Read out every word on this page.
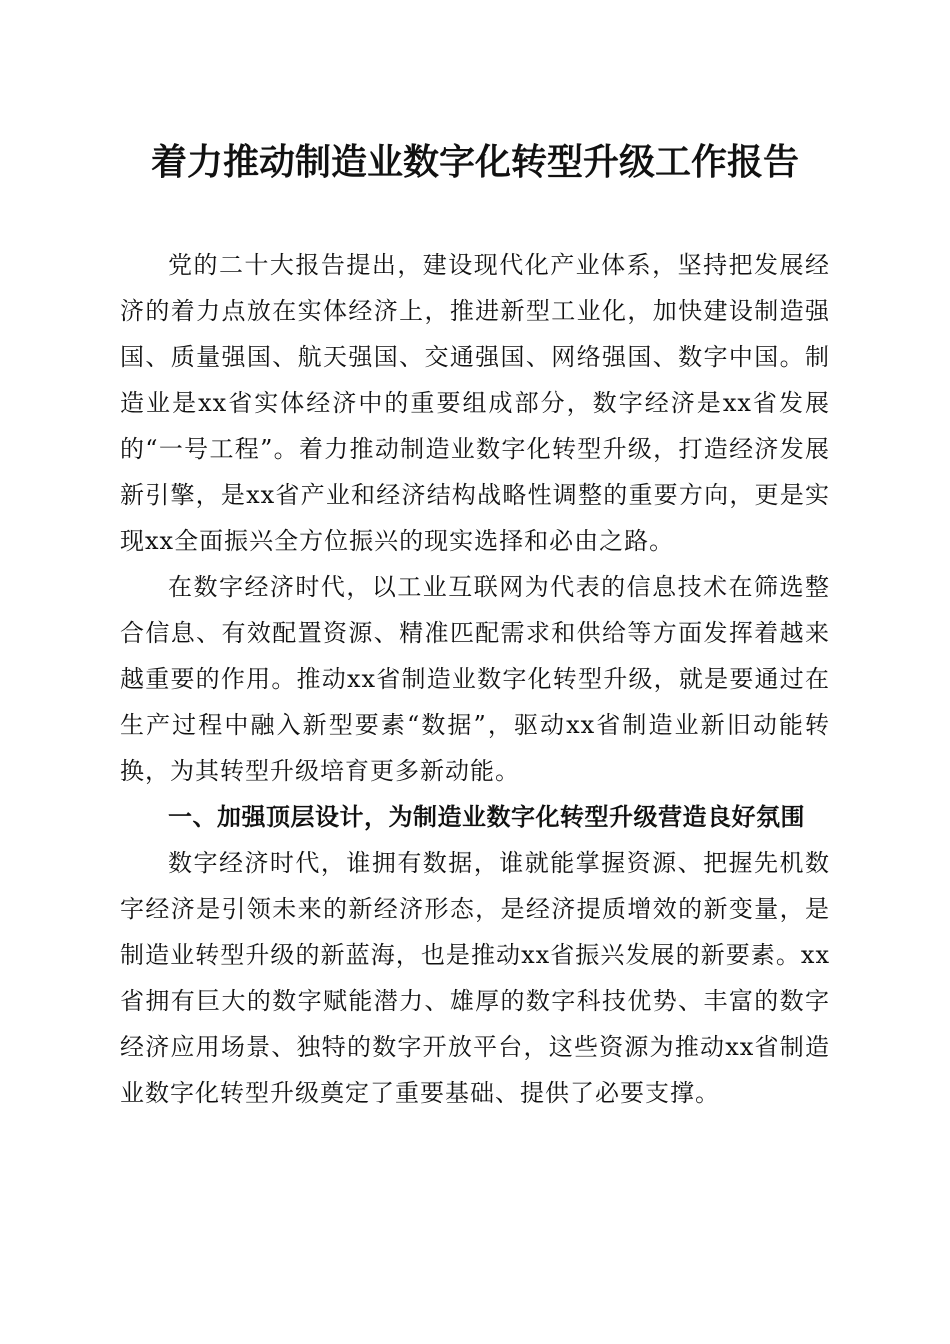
着力推动制造业数字化转型升级工作报告

党的二十大报告提出，建设现代化产业体系，坚持把发展经济的着力点放在实体经济上，推进新型工业化，加快建设制造强国、质量强国、航天强国、交通强国、网络强国、数字中国。制造业是xx省实体经济中的重要组成部分，数字经济是xx省发展的“一号工程”。着力推动制造业数字化转型升级，打造经济发展新引擎，是xx省产业和经济结构战略性调整的重要方向，更是实现xx全面振兴全方位振兴的现实选择和必由之路。

在数字经济时代，以工业互联网为代表的信息技术在筛选整合信息、有效配置资源、精准匹配需求和供给等方面发挥着越来越重要的作用。推动xx省制造业数字化转型升级，就是要通过在生产过程中融入新型要素“数据”，驱动xx省制造业新旧动能转换，为其转型升级培育更多新动能。

一、加强顶层设计，为制造业数字化转型升级营造良好氛围

数字经济时代，谁拥有数据，谁就能掌握资源、把握先机数字经济是引领未来的新经济形态，是经济提质增效的新变量，是制造业转型升级的新蓝海，也是推动xx省振兴发展的新要素。xx省拥有巨大的数字赋能潜力、雄厚的数字科技优势、丰富的数字经济应用场景、独特的数字开放平台，这些资源为推动xx省制造业数字化转型升级奠定了重要基础、提供了必要支撑。
